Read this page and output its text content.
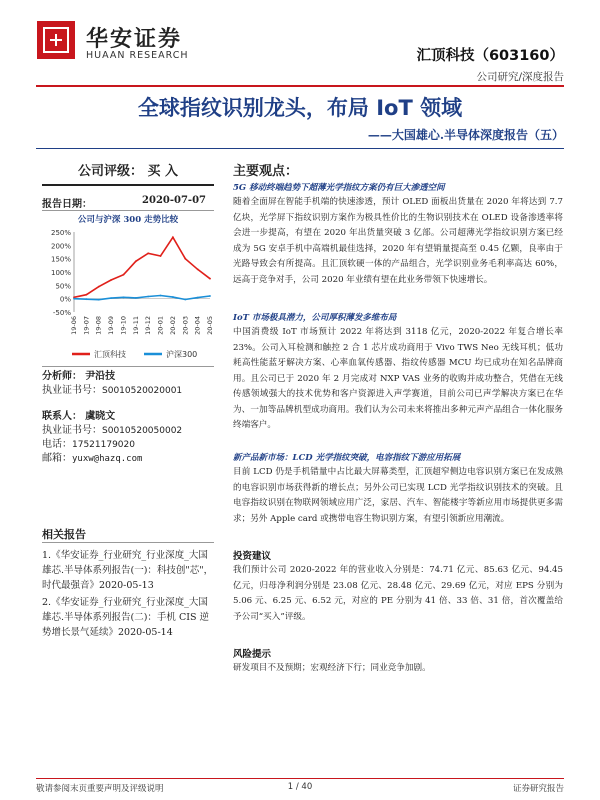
华安证券
HUAAN RESEARCH	汇顶科技（603160）
公司研究/深度报告
全球指纹识别龙头，布局 IoT 领域
——大国雄心.半导体深度报告（五）
公司评级： 买 入
报告日期：	2020-07-07
公司与沪深 300 走势比较
-50%
0%
50%
100%
150%
200%
250%
19-06 19-07 19-08 19-09 19-10 19-11 19-12 20-01 20-02 20-03 20-04 20-05
汇顶科技	沪深300
分析师： 尹沿技
执业证书号：S0010520020001
联系人： 虞晓文
执业证书号：S0010520050002
电话：17521179020
邮箱：yuxw@hazq.com
相关报告
1.《华安证券_行业研究_行业深度_大国雄芯.半导体系列报告(一)：科技创"芯"，时代最强音》2020-05-13
2.《华安证券_行业研究_行业深度_大国雄芯.半导体系列报告(二)：手机 CIS 逆势增长景气延续》2020-05-14
主要观点：
5G 移动终端趋势下超薄光学指纹方案仍有巨大渗透空间
随着全面屏在智能手机端的快速渗透，预计 OLED 面板出货量在 2020 年将达到 7.7 亿块，光学屏下指纹识别方案作为极具性价比的生物识别技术在 OLED 设备渗透率将会进一步提高，有望在 2020 年出货量突破 3 亿部。公司超薄光学指纹识别方案已经成为 5G 安卓手机中高端机最佳选择，2020 年有望销量提高至 0.45 亿颗，良率由于光路导致会有所提高。且汇顶软硬一体的产品组合，光学识别业务毛利率高达 60%，远高于竞争对手，公司 2020 年业绩有望在此业务带领下快速增长。
IoT 市场极具潜力，公司厚积薄发多维布局
中国消费级 IoT 市场预计 2022 年将达到 3118 亿元，2020-2022 年复合增长率 23%。公司入耳检测和触控 2 合 1 芯片成功商用于 Vivo TWS Neo 无线耳机；低功耗高性能蓝牙解决方案、心率血氧传感器、指纹传感器 MCU 均已成功在知名品牌商用。且公司已于 2020 年 2 月完成对 NXP VAS 业务的收购并成功整合，凭借在无线传感领域强大的技术优势和客户资源进入声学赛道，目前公司已声学解决方案已在华为、一加等品牌机型成功商用。我们认为公司未来将推出多种元声产品组合一体化服务终端客户。
新产品新市场：LCD 光学指纹突破，电容指纹下游应用拓展
目前 LCD 仍是手机错量中占比最大屏幕类型，汇顶超窄侧边电容识别方案已在发成熟的电容识别市场获得新的增长点；另外公司已实现 LCD 光学指纹识别技术的突破。且电容指纹识别在物联网领域应用广泛，家居、汽车、智能楼宇等新应用市场提供更多需求；另外 Apple card 或携带电容生物识别方案，有望引领新应用潮流。
投资建议
我们预计公司 2020-2022 年的营业收入分别是：74.71 亿元、85.63 亿元、94.45 亿元，归母净利润分别是 23.08 亿元、28.48 亿元、29.69 亿元，对应 EPS 分别为 5.06 元、6.25 元、6.52 元，对应的 PE 分别为 41 倍、33 倍、31 倍，首次覆盖给予公司“买入”评级。
风险提示
研发项目不及预期；宏观经济下行；同业竞争加剧。
敬请参阅末页重要声明及评级说明	1 / 40	证券研究报告
